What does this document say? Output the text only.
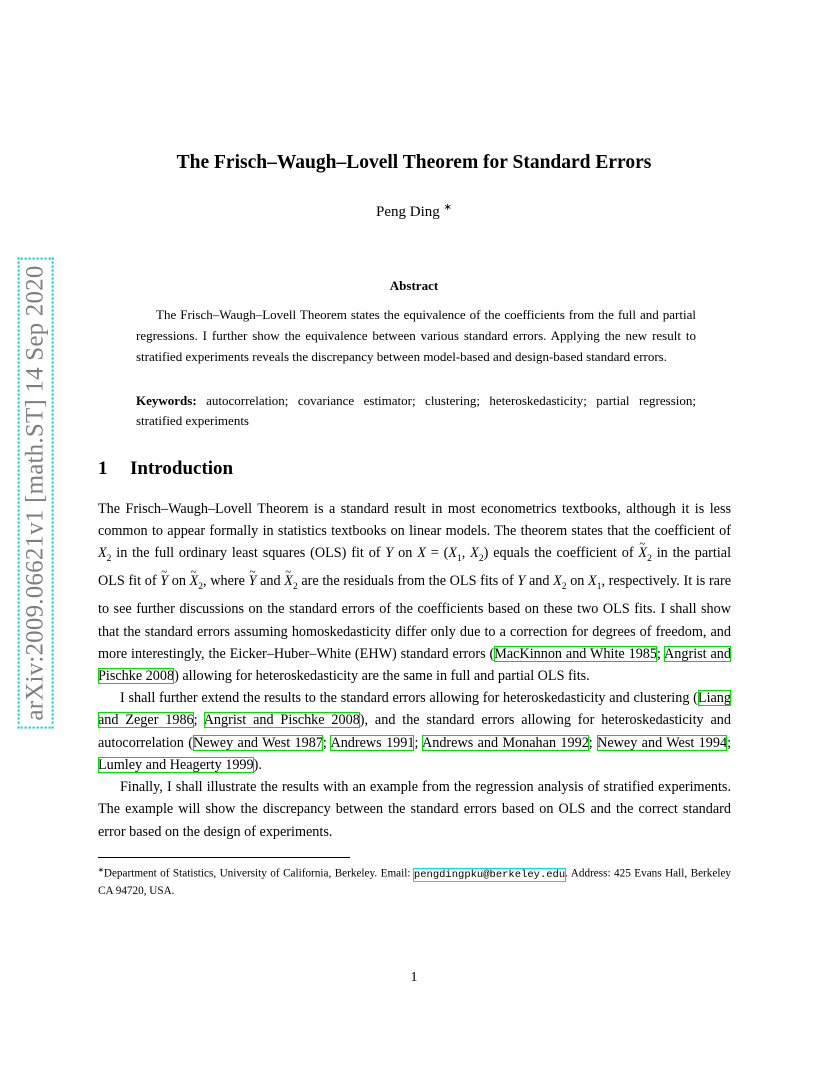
arXiv:2009.06621v1 [math.ST] 14 Sep 2020
The Frisch–Waugh–Lovell Theorem for Standard Errors
Peng Ding ∗
Abstract
The Frisch–Waugh–Lovell Theorem states the equivalence of the coefficients from the full and partial regressions. I further show the equivalence between various standard errors. Applying the new result to stratified experiments reveals the discrepancy between model-based and design-based standard errors.
Keywords: autocorrelation; covariance estimator; clustering; heteroskedasticity; partial regression; stratified experiments
1 Introduction

The Frisch–Waugh–Lovell Theorem is a standard result in most econometrics textbooks, although it is less common to appear formally in statistics textbooks on linear models. The theorem states that the coefficient of $X_2$ in the full ordinary least squares (OLS) fit of Y on $X = (X_1$, $X_2$) equals the coefficient of ~ $X_2$ in the partial OLS fit of ~ Y on ~ $X_2$, where ~ Y and ~ $X_2$ are the residuals from the OLS fits of Y and $X_2$ on $X_1$, respectively. It is rare to see further discussions on the standard errors of the coefficients based on these two OLS fits. I shall show that the standard errors assuming homoskedasticity differ only due to a correction for degrees of freedom, and more interestingly, the Eicker–Huber–White (EHW) standard errors (MacKinnon and White 1985; Angrist and Pischke 2008) allowing for heteroskedasticity are the same in full and partial OLS fits.

I shall further extend the results to the standard errors allowing for heteroskedasticity and clustering (Liang and Zeger 1986; Angrist and Pischke 2008), and the standard errors allowing for heteroskedasticity and autocorrelation (Newey and West 1987; Andrews 1991; Andrews and Monahan 1992; Newey and West 1994; Lumley and Heagerty 1999).

Finally, I shall illustrate the results with an example from the regression analysis of stratified experiments. The example will show the discrepancy between the standard errors based on OLS and the correct standard error based on the design of experiments.

∗Department of Statistics, University of California, Berkeley. Email: pengdingpku@berkeley.edu. Address: 425 Evans Hall, Berkeley CA 94720, USA.
1
